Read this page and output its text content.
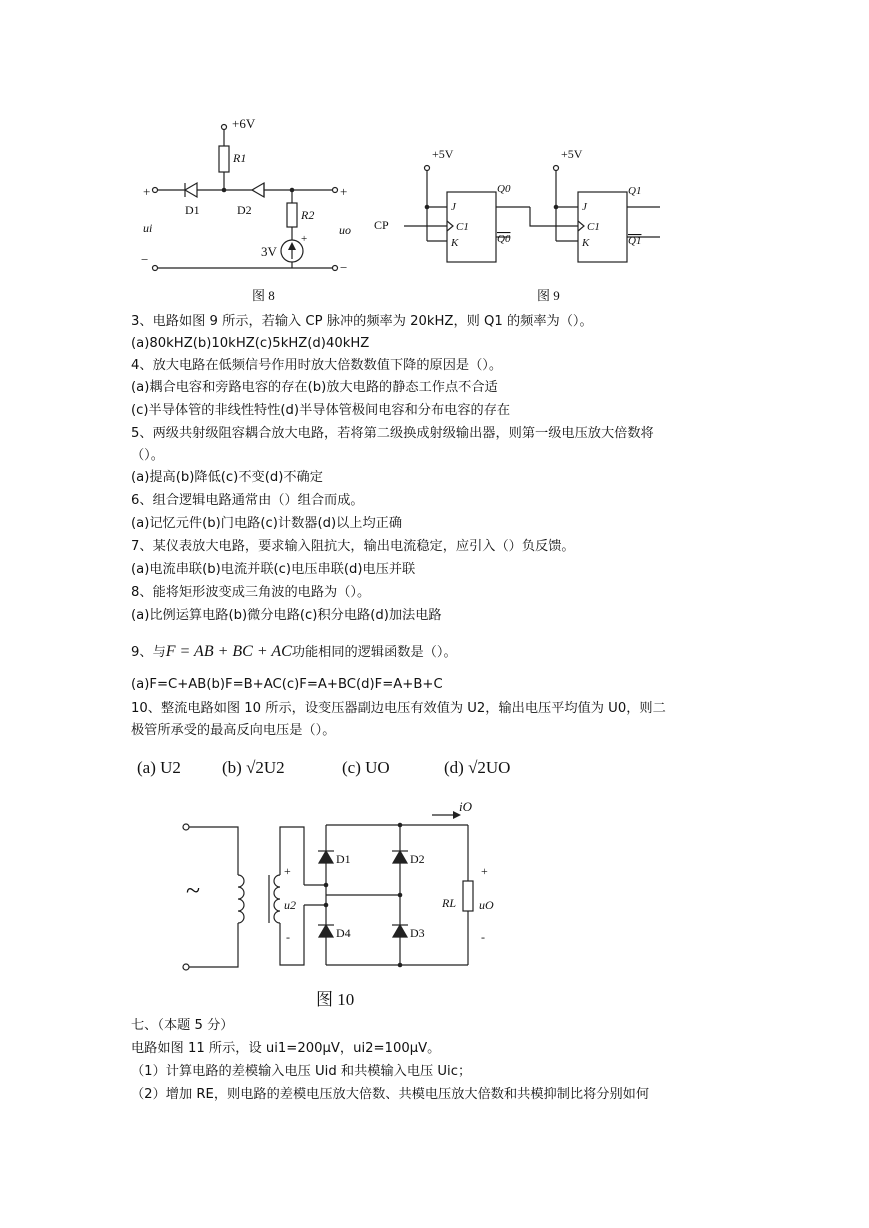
+6V
R1
R2
D1	D2
+	+
ui	uo
3V
+
−
−
图 8
+5V	+5V
CP
J
C1
K
Q0
Q0
J
C1
K
Q1
Q1
图 9
3、电路如图 9 所示，若输入 CP 脉冲的频率为 20kHZ，则 Q1 的频率为（）。
(a)80kHZ(b)10kHZ(c)5kHZ(d)40kHZ
4、放大电路在低频信号作用时放大倍数数值下降的原因是（）。
(a)耦合电容和旁路电容的存在(b)放大电路的静态工作点不合适
(c)半导体管的非线性特性(d)半导体管极间电容和分布电容的存在
5、两级共射级阻容耦合放大电路，若将第二级换成射级输出器，则第一级电压放大倍数将
（）。
(a)提高(b)降低(c)不变(d)不确定
6、组合逻辑电路通常由（）组合而成。
(a)记忆元件(b)门电路(c)计数器(d)以上均正确
7、某仪表放大电路，要求输入阻抗大，输出电流稳定，应引入（）负反馈。
(a)电流串联(b)电流并联(c)电压串联(d)电压并联
8、能将矩形波变成三角波的电路为（）。
(a)比例运算电路(b)微分电路(c)积分电路(d)加法电路
9、与F = AB + BC + AC功能相同的逻辑函数是（）。
(a)F=C+AB(b)F=B+AC(c)F=A+BC(d)F=A+B+C
10、整流电路如图 10 所示，设变压器副边电压有效值为 U2，输出电压平均值为 U0，则二
极管所承受的最高反向电压是（）。
(a) U2 (b) √2U2	(c) UO	(d) √2UO
~
+
u2
-
D1	D2
D3
D4
iO
RL
+
uO
-
图 10
七、（本题 5 分）
电路如图 11 所示，设 ui1=200μV，ui2=100μV。
（1）计算电路的差模输入电压 Uid 和共模输入电压 Uic；
（2）增加 RE，则电路的差模电压放大倍数、共模电压放大倍数和共模抑制比将分别如何
